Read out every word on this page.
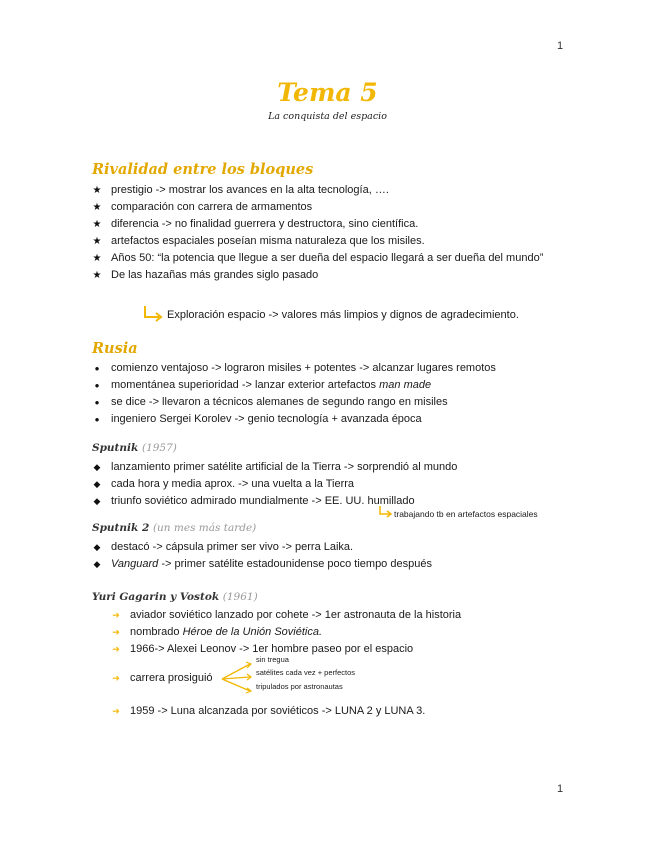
1
1
Tema 5
La conquista del espacio
Rivalidad entre los bloques
★ prestigio -> mostrar los avances en la alta tecnología, ….
★ comparación con carrera de armamentos
★ diferencia -> no finalidad guerrera y destructora, sino científica.
★ artefactos espaciales poseían misma naturaleza que los misiles.
★ Años 50: “la potencia que llegue a ser dueña del espacio llegará a ser dueña del mundo”
★ De las hazañas más grandes siglo pasado
Exploración espacio -> valores más limpios y dignos de agradecimiento.
Rusia
•	comienzo ventajoso -> lograron misiles + potentes -> alcanzar lugares remotos
•	momentánea superioridad -> lanzar exterior artefactos man made
•	se dice -> llevaron a técnicos alemanes de segundo rango en misiles
•	ingeniero Sergei Korolev -> genio tecnología + avanzada época
Sputnik (1957)
◆ lanzamiento primer satélite artificial de la Tierra -> sorprendió al mundo
◆ cada hora y media aprox. -> una vuelta a la Tierra
◆ triunfo soviético admirado mundialmente -> EE. UU. humillado
trabajando tb en artefactos espaciales
Sputnik 2 (un mes más tarde)
◆ destacó -> cápsula primer ser vivo -> perra Laika.
◆ Vanguard -> primer satélite estadounidense poco tiempo después
Yuri Gagarin y Vostok (1961)
➔ aviador soviético lanzado por cohete -> 1er astronauta de la historia
➔ nombrado Héroe de la Unión Soviética.
➔ 1966-> Alexei Leonov -> 1er hombre paseo por el espacio
➔ carrera prosiguió
sin tregua
satélites cada vez + perfectos
tripulados por astronautas
➔ 1959 -> Luna alcanzada por soviéticos -> LUNA 2 y LUNA 3.
